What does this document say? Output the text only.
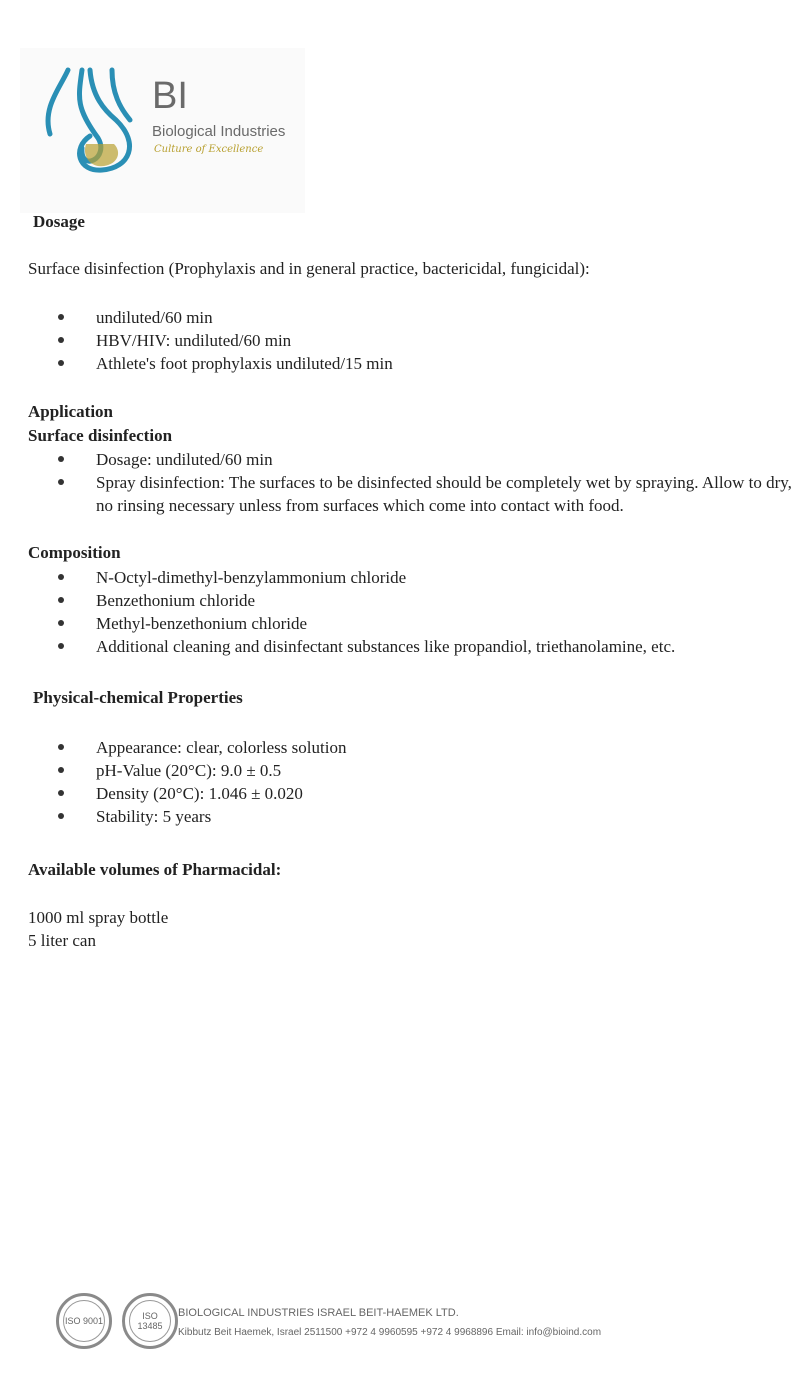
BI
Biological Industries
Culture of Excellence
Dosage
Surface disinfection (Prophylaxis and in general practice, bactericidal, fungicidal):
undiluted/60 min
HBV/HIV: undiluted/60 min
Athlete's foot prophylaxis undiluted/15 min
Application
Surface disinfection
Dosage: undiluted/60 min
Spray disinfection: The surfaces to be disinfected should be completely wet by spraying. Allow to dry, no rinsing necessary unless from surfaces which come into contact with food.
Composition
N-Octyl-dimethyl-benzylammonium chloride
Benzethonium chloride
Methyl-benzethonium chloride
Additional cleaning and disinfectant substances like propandiol, triethanolamine, etc.
Physical-chemical Properties
Appearance: clear, colorless solution
pH-Value (20°C): 9.0 ± 0.5
Density (20°C): 1.046 ± 0.020
Stability: 5 years
Available volumes of Pharmacidal:
1000 ml spray bottle
5 liter can
ISO 9001	ISO 13485
BIOLOGICAL INDUSTRIES ISRAEL BEIT-HAEMEK LTD.
Kibbutz Beit Haemek, Israel 2511500 +972 4 9960595 +972 4 9968896 Email: info@bioind.com
